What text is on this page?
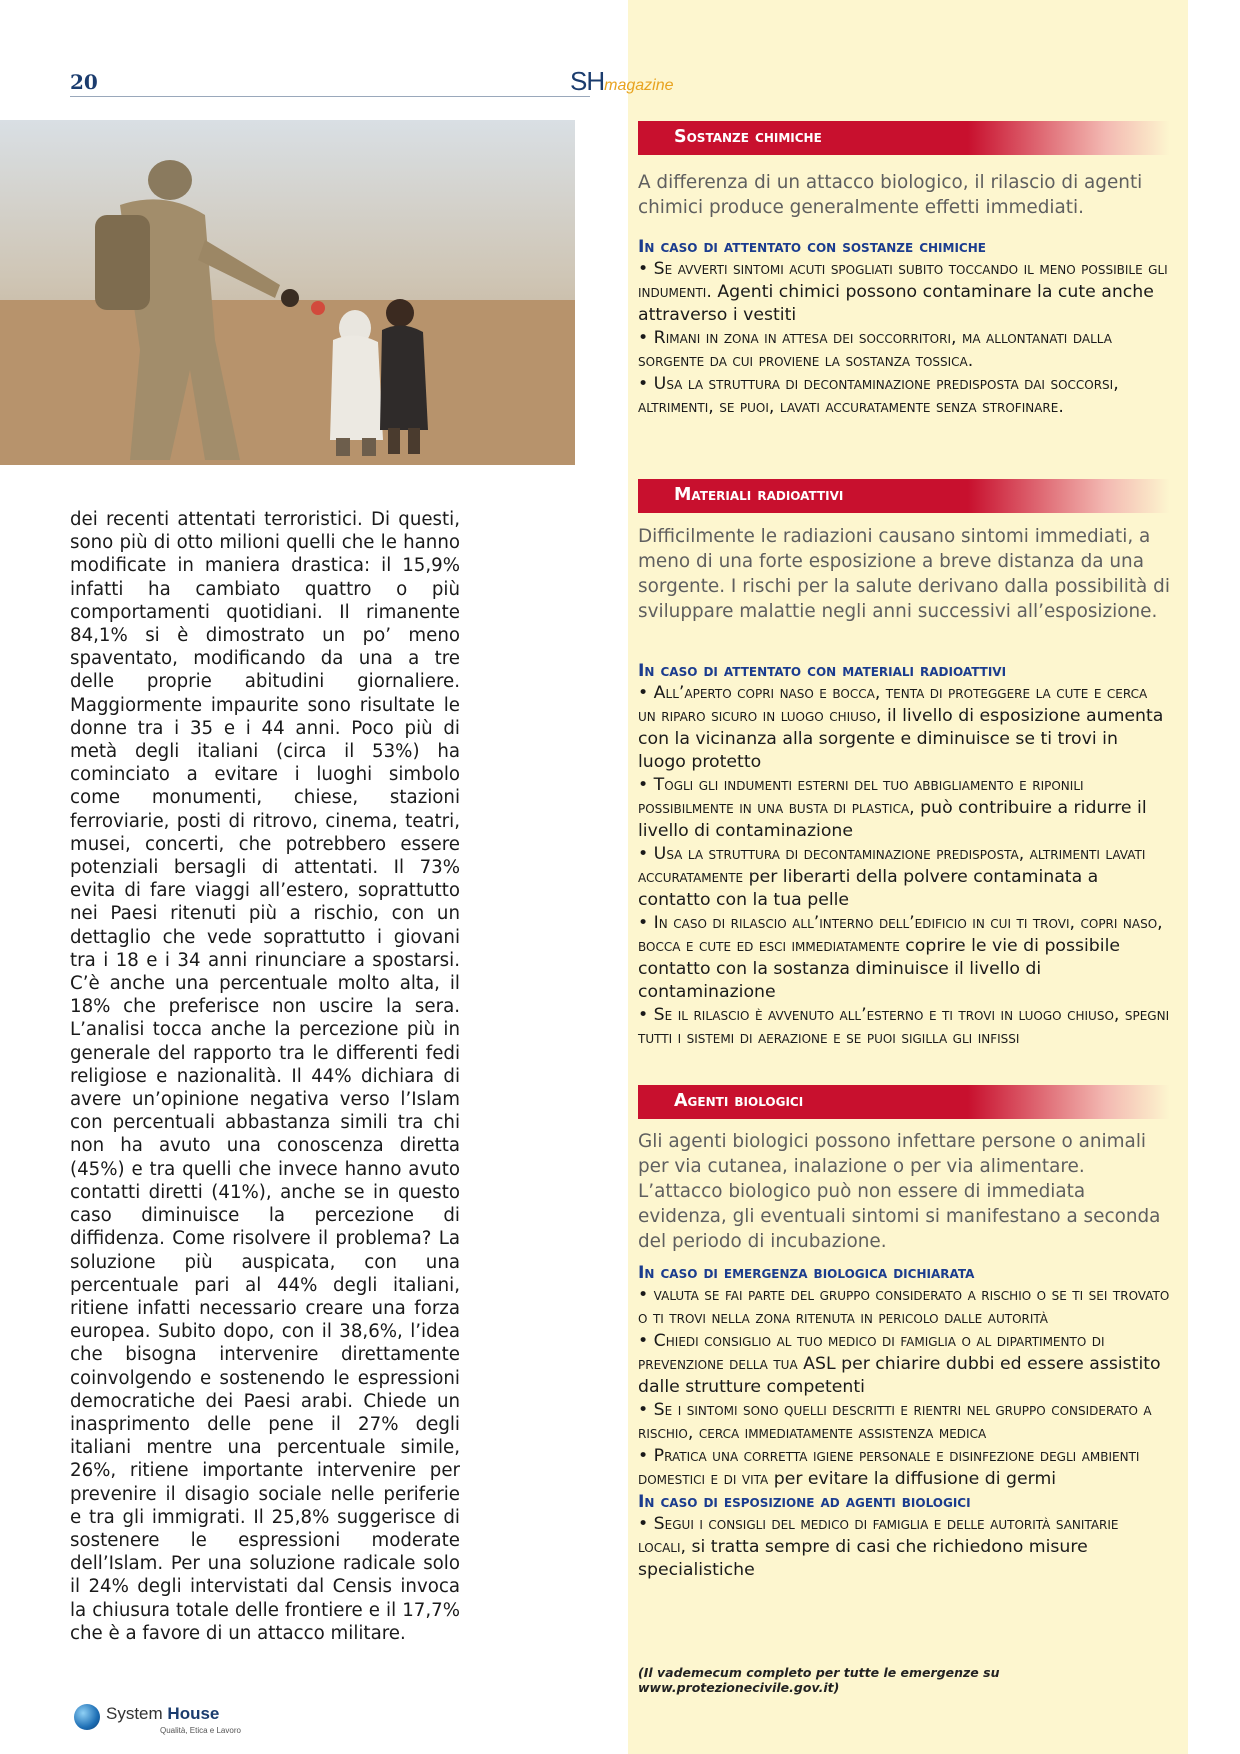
20	SHmagazine
dei recenti attentati terroristici. Di questi, sono più di otto milioni quelli che le hanno modificate in maniera drastica: il 15,9% infatti ha cambiato quattro o più comportamenti quotidiani. Il rimanente 84,1% si è dimostrato un po’ meno spaventato, modificando da una a tre delle proprie abitudini giornaliere. Maggiormente impaurite sono risultate le donne tra i 35 e i 44 anni. Poco più di metà degli italiani (circa il 53%) ha cominciato a evitare i luoghi simbolo come monumenti, chiese, stazioni ferroviarie, posti di ritrovo, cinema, teatri, musei, concerti, che potrebbero essere potenziali bersagli di attentati. Il 73% evita di fare viaggi all’estero, soprattutto nei Paesi ritenuti più a rischio, con un dettaglio che vede soprattutto i giovani tra i 18 e i 34 anni rinunciare a spostarsi. C’è anche una percentuale molto alta, il 18% che preferisce non uscire la sera. L’analisi tocca anche la percezione più in generale del rapporto tra le differenti fedi religiose e nazionalità. Il 44% dichiara di avere un’opinione negativa verso l’Islam con percentuali abbastanza simili tra chi non ha avuto una conoscenza diretta (45%) e tra quelli che invece hanno avuto contatti diretti (41%), anche se in questo caso diminuisce la percezione di diffidenza. Come risolvere il problema? La soluzione più auspicata, con una percentuale pari al 44% degli italiani, ritiene infatti necessario creare una forza europea. Subito dopo, con il 38,6%, l’idea che bisogna intervenire direttamente coinvolgendo e sostenendo le espressioni democratiche dei Paesi arabi. Chiede un inasprimento delle pene il 27% degli italiani mentre una percentuale simile, 26%, ritiene importante intervenire per prevenire il disagio sociale nelle periferie e tra gli immigrati. Il 25,8% suggerisce di sostenere le espressioni moderate dell’Islam. Per una soluzione radicale solo il 24% degli intervistati dal Censis invoca la chiusura totale delle frontiere e il 17,7% che è a favore di un attacco militare.
Sostanze chimiche
A differenza di un attacco biologico, il rilascio di agenti chimici produce generalmente effetti immediati.
In caso di attentato con sostanze chimiche
• Se avverti sintomi acuti spogliati subito toccando il meno possibile gli indumenti. Agenti chimici possono contaminare la cute anche attraverso i vestiti
• Rimani in zona in attesa dei soccorritori, ma allontanati dalla sorgente da cui proviene la sostanza tossica.
• Usa la struttura di decontaminazione predisposta dai soccorsi, altrimenti, se puoi, lavati accuratamente senza strofinare.
Materiali radioattivi
Difficilmente le radiazioni causano sintomi immediati, a meno di una forte esposizione a breve distanza da una sorgente. I rischi per la salute derivano dalla possibilità di sviluppare malattie negli anni successivi all’esposizione.
In caso di attentato con materiali radioattivi
• All’aperto copri naso e bocca, tenta di proteggere la cute e cerca un riparo sicuro in luogo chiuso, il livello di esposizione aumenta con la vicinanza alla sorgente e diminuisce se ti trovi in luogo protetto
• Togli gli indumenti esterni del tuo abbigliamento e riponili possibilmente in una busta di plastica, può contribuire a ridurre il livello di contaminazione
• Usa la struttura di decontaminazione predisposta, altrimenti lavati accuratamente per liberarti della polvere contaminata a contatto con la tua pelle
• In caso di rilascio all’interno dell’edificio in cui ti trovi, copri naso, bocca e cute ed esci immediatamente coprire le vie di possibile contatto con la sostanza diminuisce il livello di contaminazione
• Se il rilascio è avvenuto all’esterno e ti trovi in luogo chiuso, spegni tutti i sistemi di aerazione e se puoi sigilla gli infissi
Agenti biologici
Gli agenti biologici possono infettare persone o animali per via cutanea, inalazione o per via alimentare. L’attacco biologico può non essere di immediata evidenza, gli eventuali sintomi si manifestano a seconda del periodo di incubazione.
In caso di emergenza biologica dichiarata
• valuta se fai parte del gruppo considerato a rischio o se ti sei trovato o ti trovi nella zona ritenuta in pericolo dalle autorità
• Chiedi consiglio al tuo medico di famiglia o al dipartimento di prevenzione della tua ASL per chiarire dubbi ed essere assistito dalle strutture competenti
• Se i sintomi sono quelli descritti e rientri nel gruppo considerato a rischio, cerca immediatamente assistenza medica
• Pratica una corretta igiene personale e disinfezione degli ambienti domestici e di vita per evitare la diffusione di germi
In caso di esposizione ad agenti biologici
• Segui i consigli del medico di famiglia e delle autorità sanitarie locali, si tratta sempre di casi che richiedono misure specialistiche
(Il vademecum completo per tutte le emergenze su www.protezionecivile.gov.it)
System House
Qualità, Etica e Lavoro
